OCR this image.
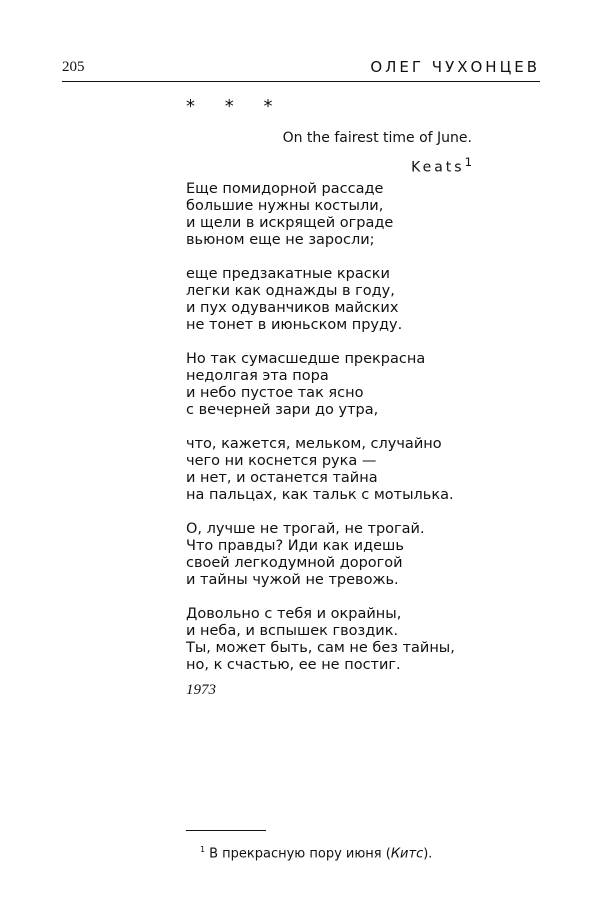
205	ОЛЕГ ЧУХОНЦЕВ
* * *
On the fairest time of June.
Keats$^1$
Еще помидорной рассаде
большие нужны костыли,
и щели в искрящей ограде
вьюном еще не заросли;
еще предзакатные краски
легки как однажды в году,
и пух одуванчиков майских
не тонет в июньском пруду.
Но так сумасшедше прекрасна
недолгая эта пора
и небо пустое так ясно
с вечерней зари до утра,
что, кажется, мельком, случайно
чего ни коснется рука —
и нет, и останется тайна
на пальцах, как тальк с мотылька.
О, лучше не трогай, не трогай.
Что правды? Иди как идешь
своей легкодумной дорогой
и тайны чужой не тревожь.
Довольно с тебя и окрайны,
и неба, и вспышек гвоздик.
Ты, может быть, сам не без тайны,
но, к счастью, ее не постиг.
1973
$^1$ В прекрасную пору июня (Китс).
